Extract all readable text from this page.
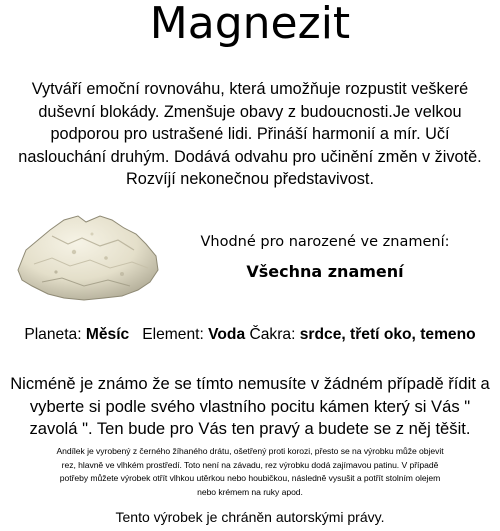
Magnezit
Vytváří emoční rovnováhu, která umožňuje rozpustit veškeré duševní blokády. Zmenšuje obavy z budoucnosti.Je velkou podporou pro ustrašené lidi. Přináší harmonií a mír. Učí naslouchání druhým. Dodává odvahu pro učinění změn v životě. Rozvíjí nekonečnou představivost.
Vhodné pro narozené ve znamení:
Všechna znamení
Planeta: Měsíc Element: Voda Čakra: srdce, třetí oko, temeno
Nicméně je známo že se tímto nemusíte v žádném případě řídit a vyberte si podle svého vlastního pocitu kámen který si Vás " zavolá ". Ten bude pro Vás ten pravý a budete se z něj těšit.
Andílek je vyrobený z černého žíhaného drátu, ošetřený proti korozi, přesto se na výrobku může objevit rez, hlavně ve vlhkém prostředí. Toto není na závadu, rez výrobku dodá zajímavou patinu. V případě potřeby můžete výrobek otřít vlhkou utěrkou nebo houbičkou, následně vysušit a potřít stolním olejem nebo krémem na ruky apod.
Tento výrobek je chráněn autorskými právy.
